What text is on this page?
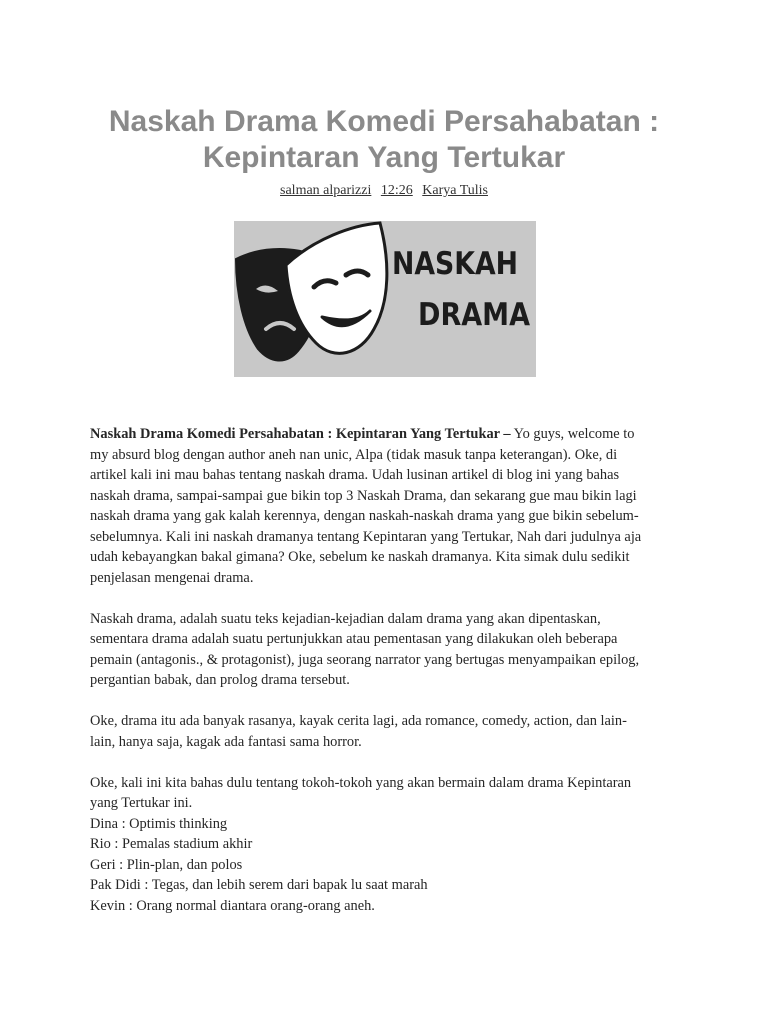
Naskah Drama Komedi Persahabatan :
Kepintaran Yang Tertukar
salman alparizzi 12:26 Karya Tulis
NASKAH
DRAMA

Naskah Drama Komedi Persahabatan : Kepintaran Yang Tertukar – Yo guys, welcome to
my absurd blog dengan author aneh nan unic, Alpa (tidak masuk tanpa keterangan). Oke, di
artikel kali ini mau bahas tentang naskah drama. Udah lusinan artikel di blog ini yang bahas
naskah drama, sampai-sampai gue bikin top 3 Naskah Drama, dan sekarang gue mau bikin lagi
naskah drama yang gak kalah kerennya, dengan naskah-naskah drama yang gue bikin sebelum-
sebelumnya. Kali ini naskah dramanya tentang Kepintaran yang Tertukar, Nah dari judulnya aja
udah kebayangkan bakal gimana? Oke, sebelum ke naskah dramanya. Kita simak dulu sedikit
penjelasan mengenai drama.

Naskah drama, adalah suatu teks kejadian-kejadian dalam drama yang akan dipentaskan,
sementara drama adalah suatu pertunjukkan atau pementasan yang dilakukan oleh beberapa
pemain (antagonis., & protagonist), juga seorang narrator yang bertugas menyampaikan epilog,
pergantian babak, dan prolog drama tersebut.

Oke, drama itu ada banyak rasanya, kayak cerita lagi, ada romance, comedy, action, dan lain-
lain, hanya saja, kagak ada fantasi sama horror.

Oke, kali ini kita bahas dulu tentang tokoh-tokoh yang akan bermain dalam drama Kepintaran
yang Tertukar ini.
Dina : Optimis thinking
Rio : Pemalas stadium akhir
Geri : Plin-plan, dan polos
Pak Didi : Tegas, dan lebih serem dari bapak lu saat marah
Kevin : Orang normal diantara orang-orang aneh.
